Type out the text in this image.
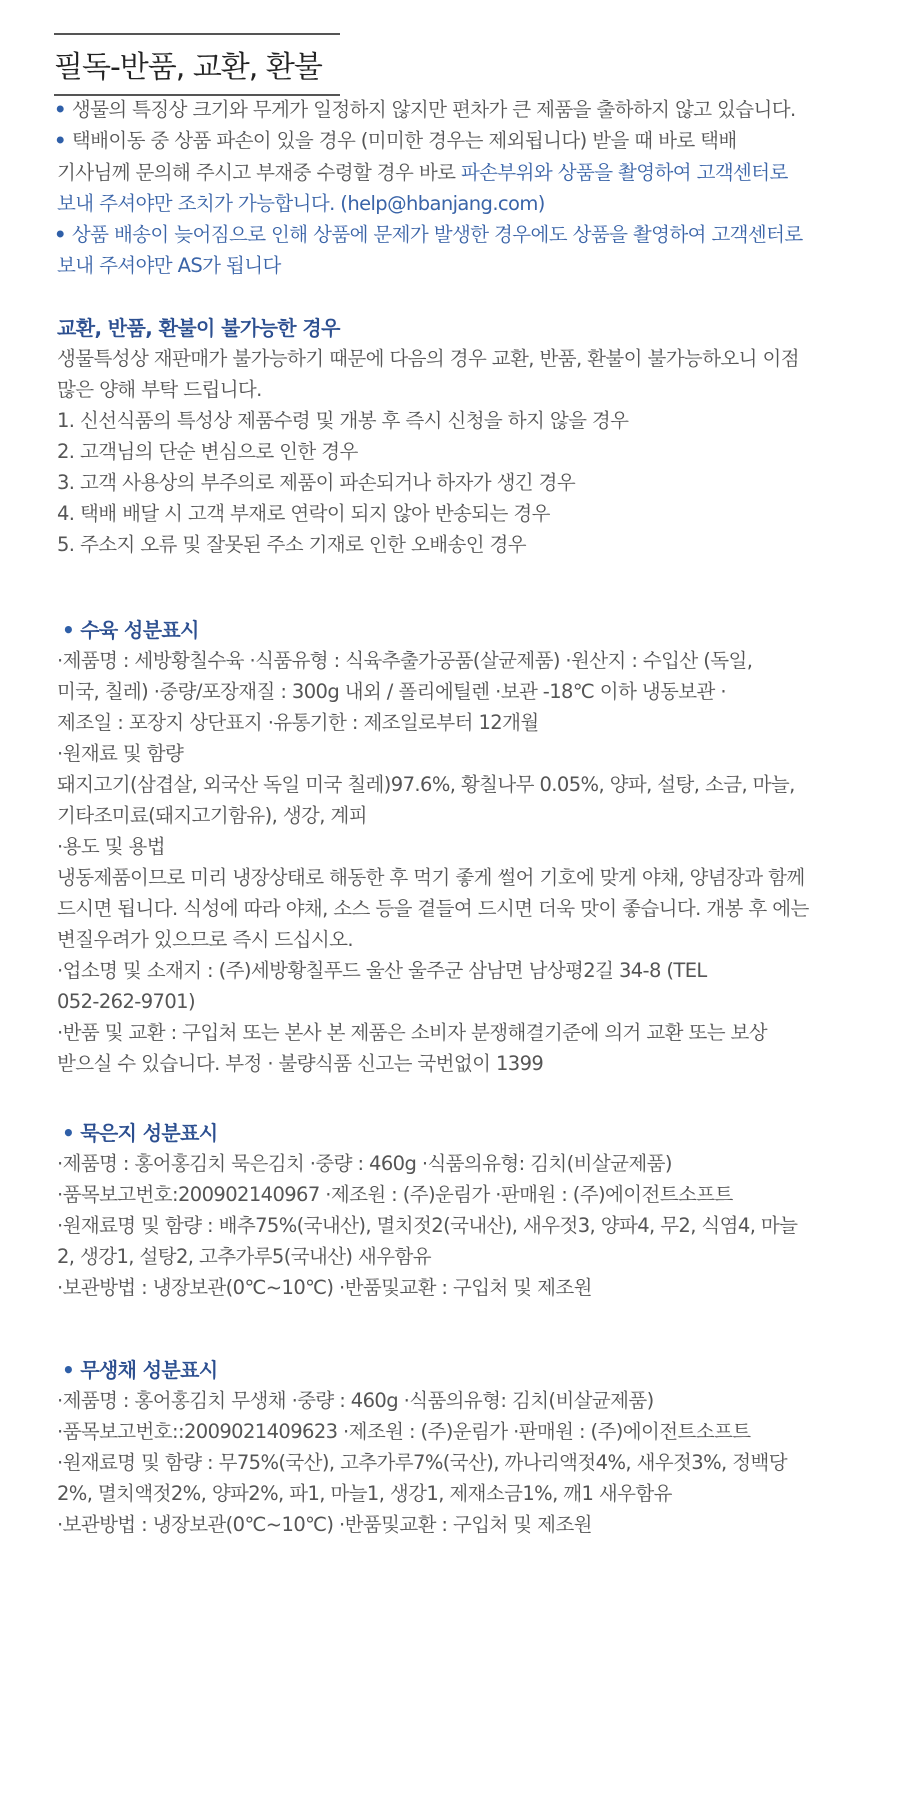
필독-반품, 교환, 환불
• 생물의 특징상 크기와 무게가 일정하지 않지만 편차가 큰 제품을 출하하지 않고 있습니다.
• 택배이동 중 상품 파손이 있을 경우 (미미한 경우는 제외됩니다) 받을 때 바로 택배
기사님께 문의해 주시고 부재중 수령할 경우 바로 파손부위와 상품을 촬영하여 고객센터로
보내 주셔야만 조치가 가능합니다. (help@hbanjang.com)
• 상품 배송이 늦어짐으로 인해 상품에 문제가 발생한 경우에도 상품을 촬영하여 고객센터로
보내 주셔야만 AS가 됩니다
교환, 반품, 환불이 불가능한 경우
생물특성상 재판매가 불가능하기 때문에 다음의 경우 교환, 반품, 환불이 불가능하오니 이점
많은 양해 부탁 드립니다.
1. 신선식품의 특성상 제품수령 및 개봉 후 즉시 신청을 하지 않을 경우
2. 고객님의 단순 변심으로 인한 경우
3. 고객 사용상의 부주의로 제품이 파손되거나 하자가 생긴 경우
4. 택배 배달 시 고객 부재로 연락이 되지 않아 반송되는 경우
5. 주소지 오류 및 잘못된 주소 기재로 인한 오배송인 경우
• 수육 성분표시
·제품명 : 세방황칠수육 ·식품유형 : 식육추출가공품(살균제품) ·원산지 : 수입산 (독일,
미국, 칠레) ·중량/포장재질 : 300g 내외 / 폴리에틸렌 ·보관 -18℃ 이하 냉동보관 ·
제조일 : 포장지 상단표지 ·유통기한 : 제조일로부터 12개월
·원재료 및 함량
돼지고기(삼겹살, 외국산 독일 미국 칠레)97.6%, 황칠나무 0.05%, 양파, 설탕, 소금, 마늘,
기타조미료(돼지고기함유), 생강, 계피
·용도 및 용법
냉동제품이므로 미리 냉장상태로 해동한 후 먹기 좋게 썰어 기호에 맞게 야채, 양념장과 함께
드시면 됩니다. 식성에 따라 야채, 소스 등을 곁들여 드시면 더욱 맛이 좋습니다. 개봉 후 에는
변질우려가 있으므로 즉시 드십시오.
·업소명 및 소재지 : (주)세방황칠푸드 울산 울주군 삼남면 남상평2길 34-8 (TEL
052-262-9701)
·반품 및 교환 : 구입처 또는 본사 본 제품은 소비자 분쟁해결기준에 의거 교환 또는 보상
받으실 수 있습니다. 부정 · 불량식품 신고는 국번없이 1399
• 묵은지 성분표시
·제품명 : 홍어홍김치 묵은김치 ·중량 : 460g ·식품의유형: 김치(비살균제품)
·품목보고번호:200902140967 ·제조원 : (주)운림가 ·판매원 : (주)에이전트소프트
·원재료명 및 함량 : 배추75%(국내산), 멸치젓2(국내산), 새우젓3, 양파4, 무2, 식염4, 마늘
2, 생강1, 설탕2, 고추가루5(국내산) 새우함유
·보관방법 : 냉장보관(0℃~10℃) ·반품및교환 : 구입처 및 제조원
• 무생채 성분표시
·제품명 : 홍어홍김치 무생채 ·중량 : 460g ·식품의유형: 김치(비살균제품)
·품목보고번호::2009021409623 ·제조원 : (주)운림가 ·판매원 : (주)에이전트소프트
·원재료명 및 함량 : 무75%(국산), 고추가루7%(국산), 까나리액젓4%, 새우젓3%, 정백당
2%, 멸치액젓2%, 양파2%, 파1, 마늘1, 생강1, 제재소금1%, 깨1 새우함유
·보관방법 : 냉장보관(0℃~10℃) ·반품및교환 : 구입처 및 제조원
